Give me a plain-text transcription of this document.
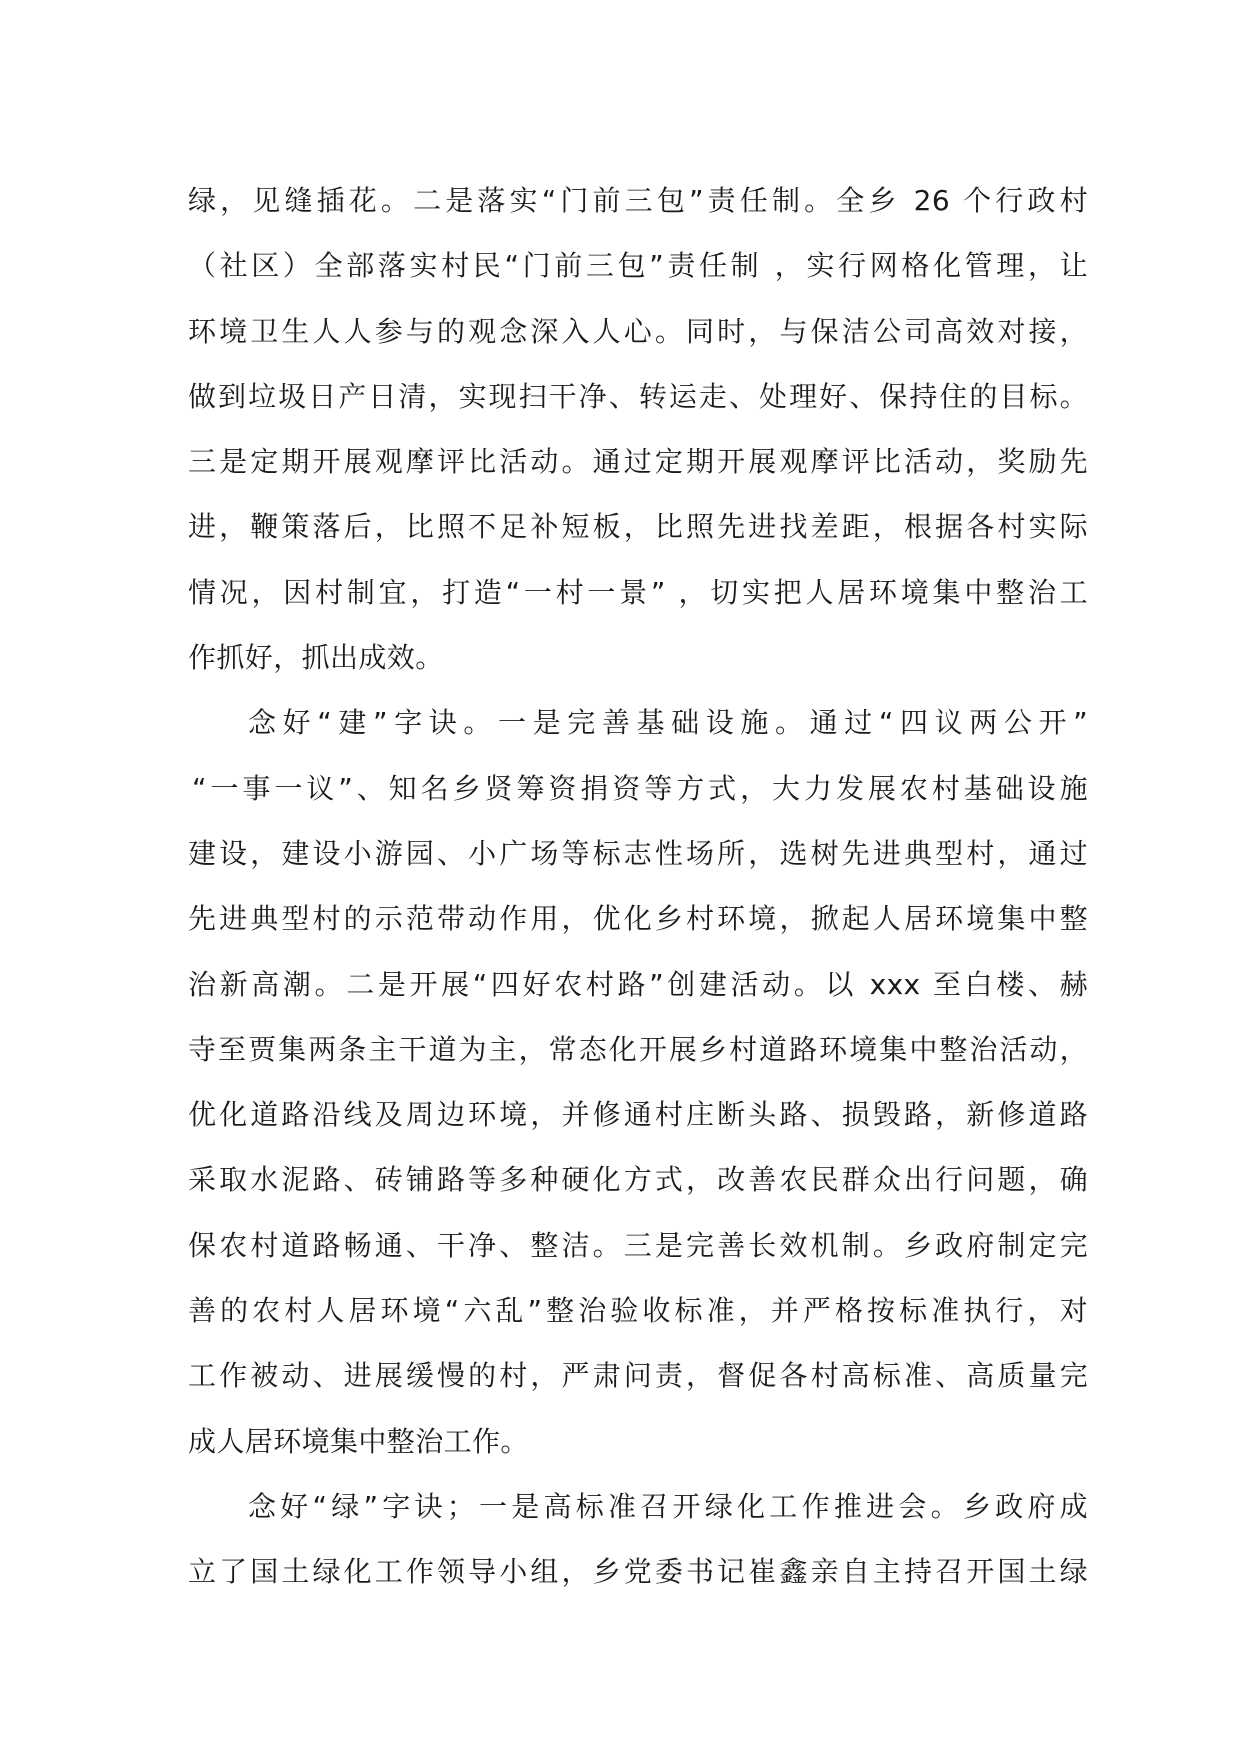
绿，见缝插花。二是落实“门前三包”责任制。全乡 26 个行政村
（社区）全部落实村民“门前三包”责任制 ，实行网格化管理，让
环境卫生人人参与的观念深入人心。同时，与保洁公司高效对接，
做到垃圾日产日清，实现扫干净、转运走、处理好、保持住的目标。
三是定期开展观摩评比活动。通过定期开展观摩评比活动，奖励先
进，鞭策落后，比照不足补短板，比照先进找差距，根据各村实际
情况，因村制宜，打造“一村一景” ，切实把人居环境集中整治工
作抓好，抓出成效。
念好“建”字诀。一是完善基础设施。通过“四议两公开”
“一事一议”、知名乡贤筹资捐资等方式，大力发展农村基础设施
建设，建设小游园、小广场等标志性场所，选树先进典型村，通过
先进典型村的示范带动作用，优化乡村环境，掀起人居环境集中整
治新高潮。二是开展“四好农村路”创建活动。以 xxx 至白楼、赫
寺至贾集两条主干道为主，常态化开展乡村道路环境集中整治活动，
优化道路沿线及周边环境，并修通村庄断头路、损毁路，新修道路
采取水泥路、砖铺路等多种硬化方式，改善农民群众出行问题，确
保农村道路畅通、干净、整洁。三是完善长效机制。乡政府制定完
善的农村人居环境“六乱”整治验收标准，并严格按标准执行，对
工作被动、进展缓慢的村，严肃问责，督促各村高标准、高质量完
成人居环境集中整治工作。
念好“绿”字诀；一是高标准召开绿化工作推进会。乡政府成
立了国土绿化工作领导小组，乡党委书记崔鑫亲自主持召开国土绿
